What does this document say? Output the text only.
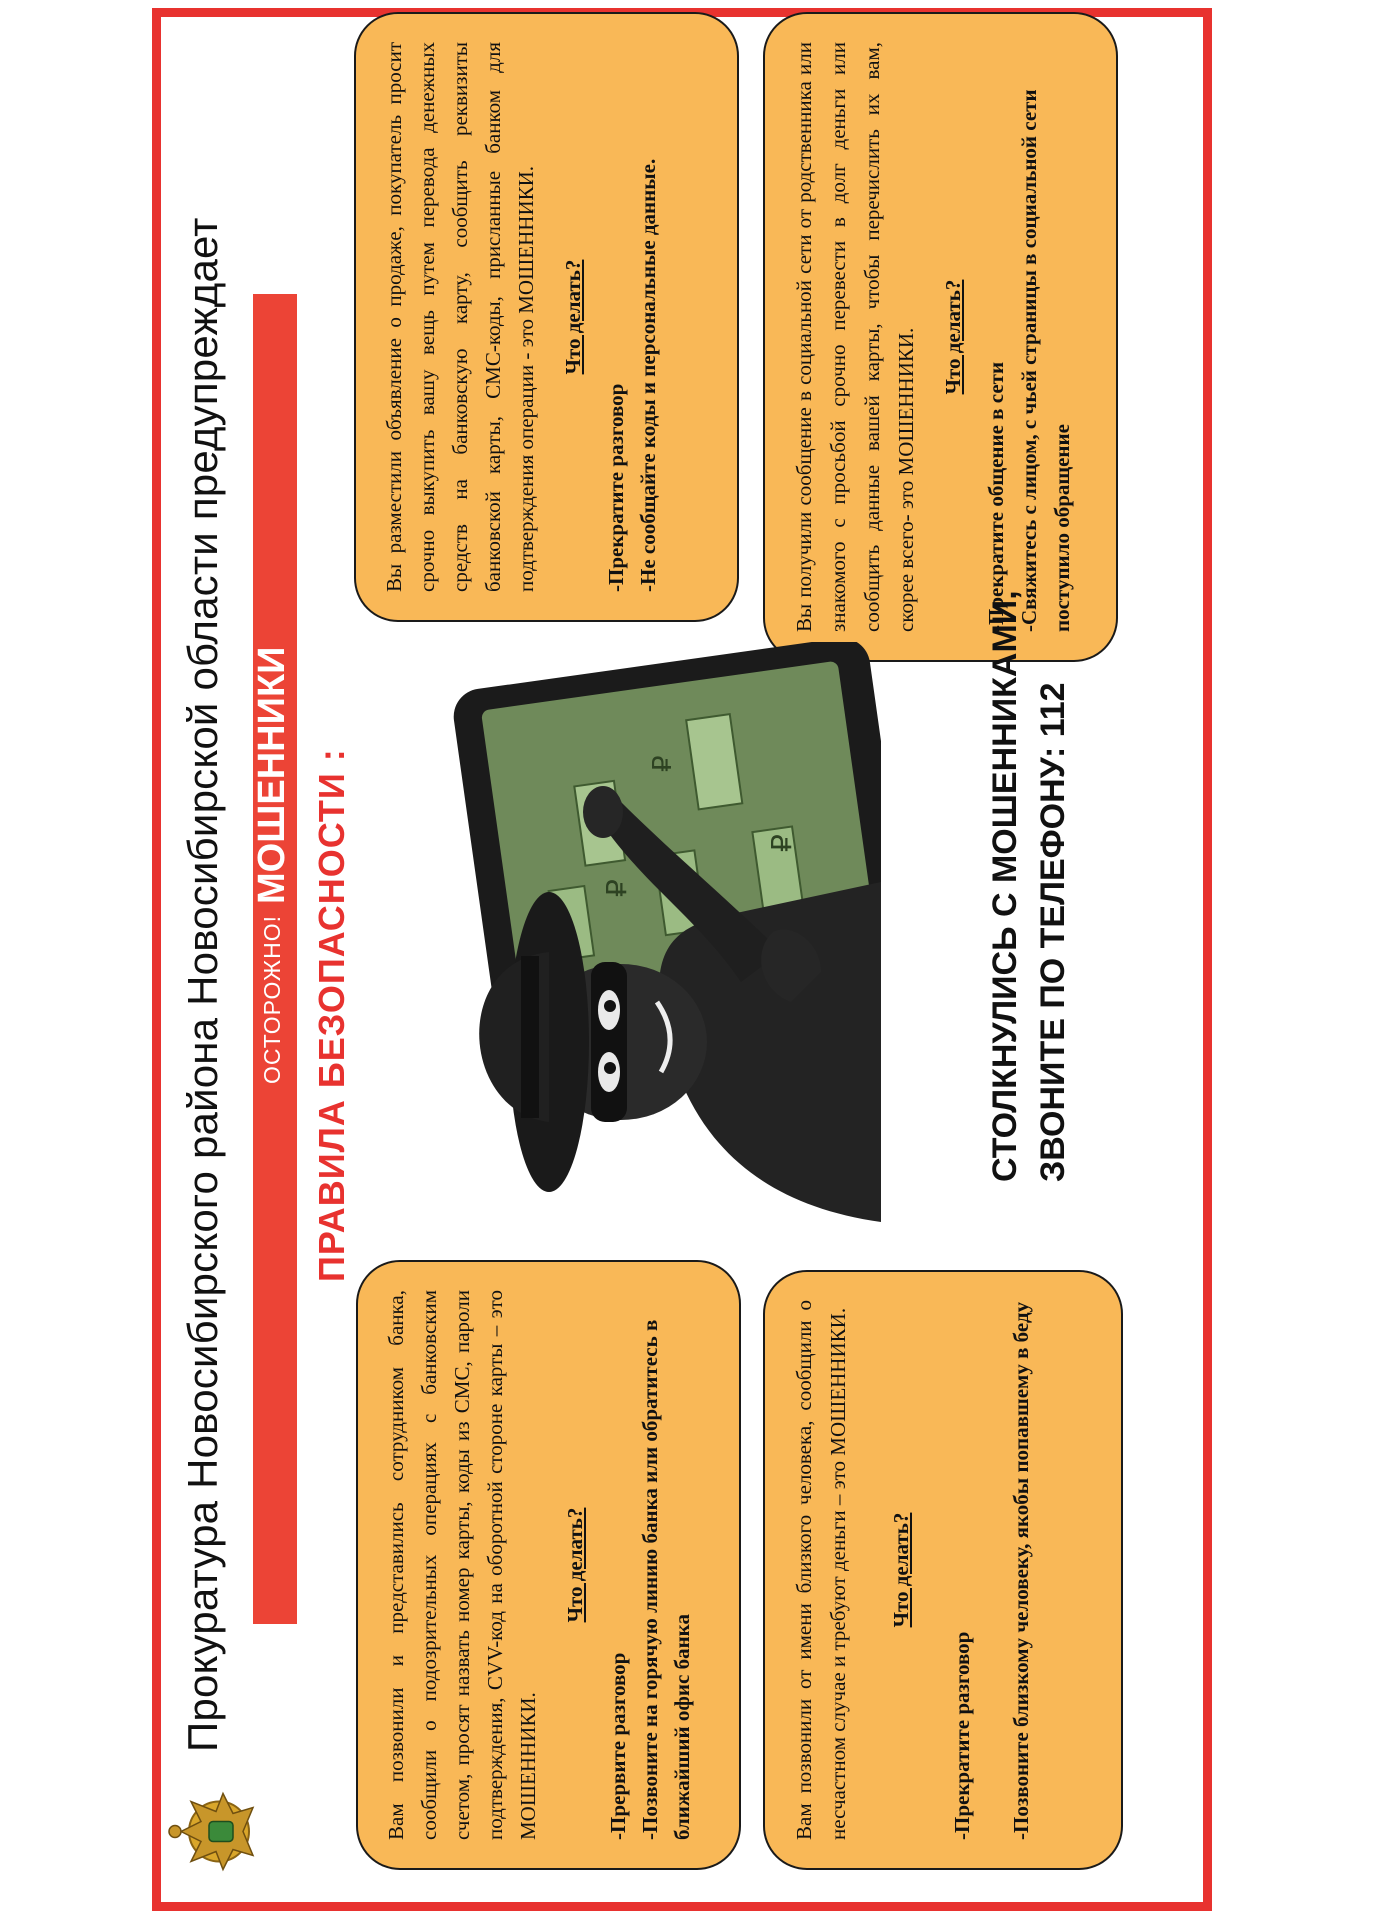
Прокуратура Новосибирского района Новосибирской области предупреждает ОСТОРОЖНО!
МОШЕННИКИ ПРАВИЛА БЕЗОПАСНОСТИ :

Вам позвонили и представились сотрудником банка, сообщили о подозрительных операциях с банковским счетом, просят назвать номер карты, коды из СМС, пароли подтверждения, CVV-код на оборотной стороне карты – это МОШЕННИКИ.

Что делать?
-Прервите разговор -Позвоните на горячую линию банка или обратитесь в ближайший офис банка	Вам позвонили от имени близкого человека, сообщили о несчастном случае и требуют деньги – это МОШЕННИКИ. Что делать?
-Прекратите разговор -Позвоните близкому человеку, якобы попавшему в беду

Вы разместили объявление о продаже, покупатель просит срочно выкупить вашу вещь путем перевода денежных средств на банковскую карту, сообщить реквизиты банковской карты, СМС-коды, присланные банком для подтверждения операции - это МОШЕННИКИ. Что делать?
-Прекратите разговор -Не сообщайте коды и персональные данные.	Вы получили сообщение в социальной сети от родственника или знакомого с просьбой срочно перевести в долг деньги или сообщить данные вашей карты, чтобы перечислить их вам, скорее всего- это МОШЕННИКИ. Что делать?
-Прекратите общение в сети -Свяжитесь с лицом, с чьей страницы в социальной сети поступило обращение
₽
₽
₽	СТОЛКНУЛИСЬ С МОШЕННИКАМИ, ЗВОНИТЕ ПО ТЕЛЕФОНУ: 112
